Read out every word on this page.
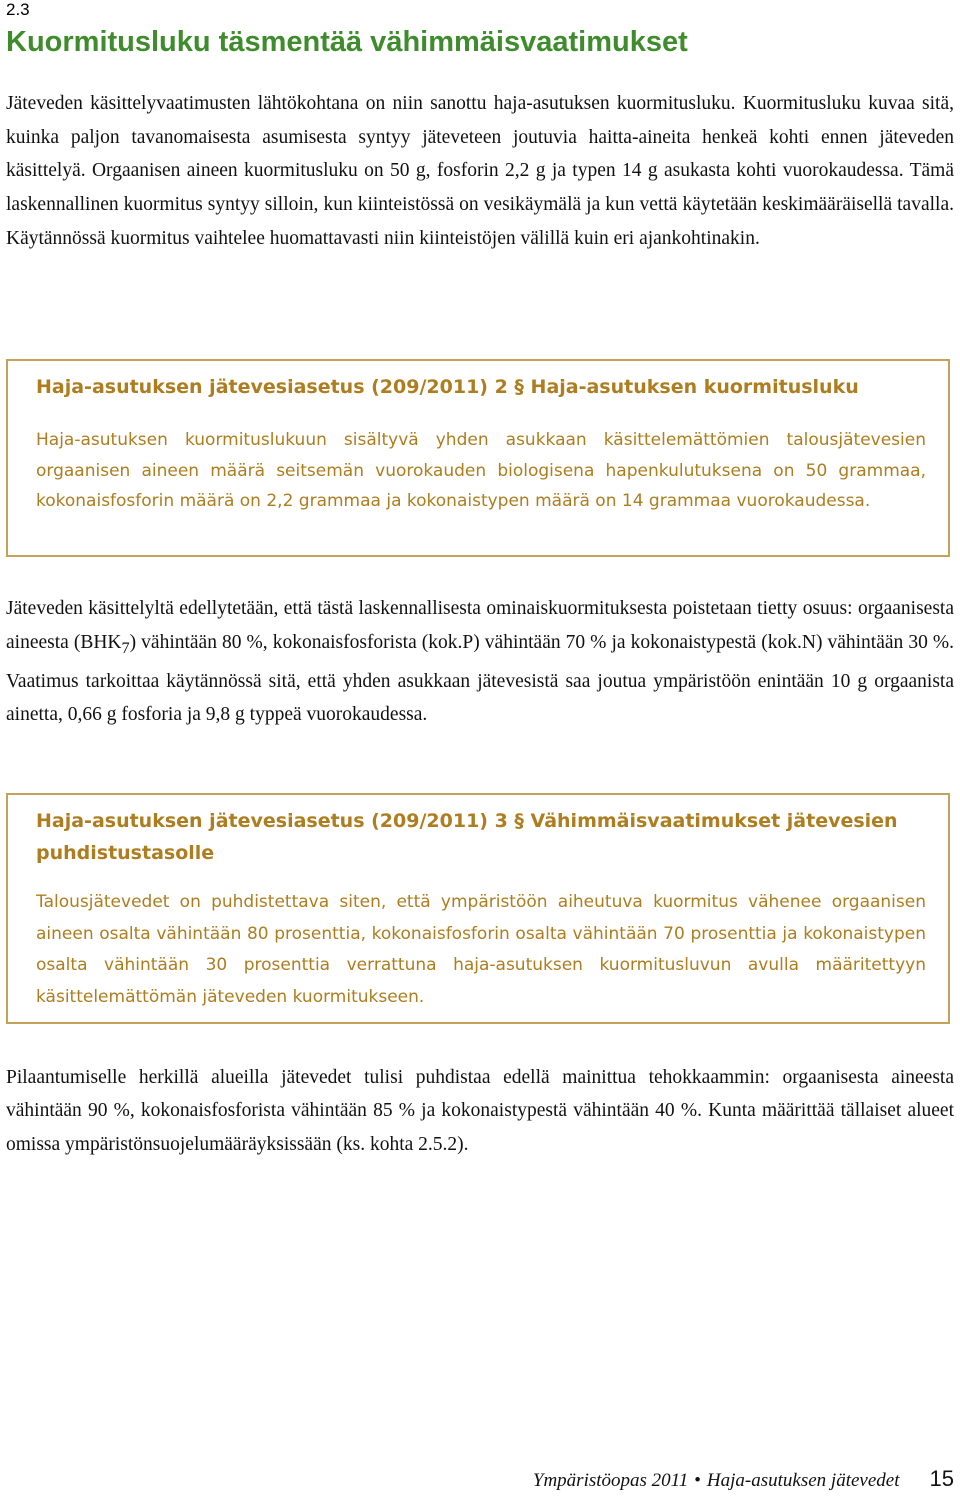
2.3
Kuormitusluku täsmentää vähimmäisvaatimukset

Jäteveden käsittelyvaatimusten lähtökohtana on niin sanottu haja-asutuksen kuormitusluku. Kuormitusluku kuvaa sitä, kuinka paljon tavanomaisesta asumisesta syntyy jäteveteen joutuvia haitta-aineita henkeä kohti ennen jäteveden käsittelyä. Orgaanisen aineen kuormitusluku on 50 g, fosforin 2,2 g ja typen 14 g asukasta kohti vuorokaudessa. Tämä laskennallinen kuormitus syntyy silloin, kun kiinteistössä on vesikäymälä ja kun vettä käytetään keskimääräisellä tavalla. Käytännössä kuormitus vaihtelee huomattavasti niin kiinteistöjen välillä kuin eri ajankohtinakin.

Haja-asutuksen jätevesiasetus (209/2011) 2 § Haja-asutuksen kuormitusluku

Haja-asutuksen kuormituslukuun sisältyvä yhden asukkaan käsittelemättömien talousjätevesien orgaanisen aineen määrä seitsemän vuorokauden biologisena hapenkulutuksena on 50 grammaa, kokonaisfosforin määrä on 2,2 grammaa ja kokonaistypen määrä on 14 grammaa vuorokaudessa.

Jäteveden käsittelyltä edellytetään, että tästä laskennallisesta ominaiskuormituksesta poistetaan tietty osuus: orgaanisesta aineesta $(BHK_7)$ vähintään 80 %, kokonaisfosforista (kok.P) vähintään 70 % ja kokonaistypestä (kok.N) vähintään 30 %. Vaatimus tarkoittaa käytännössä sitä, että yhden asukkaan jätevesistä saa joutua ympäristöön enintään 10 g orgaanista ainetta, 0,66 g fosforia ja 9,8 g typpeä vuorokaudessa.

Haja-asutuksen jätevesiasetus (209/2011) 3 § Vähimmäisvaatimukset jätevesien puhdistustasolle

Talousjätevedet on puhdistettava siten, että ympäristöön aiheutuva kuormitus vähenee orgaanisen aineen osalta vähintään 80 prosenttia, kokonaisfosforin osalta vähintään 70 prosenttia ja kokonaistypen osalta vähintään 30 prosenttia verrattuna haja-asutuksen kuormitusluvun avulla määritettyyn käsittelemättömän jäteveden kuormitukseen.

Pilaantumiselle herkillä alueilla jätevedet tulisi puhdistaa edellä mainittua tehokkaammin: orgaanisesta aineesta vähintään 90 %, kokonaisfosforista vähintään 85 % ja kokonaistypestä vähintään 40 %. Kunta määrittää tällaiset alueet omissa ympäristönsuojelumääräyksissään (ks. kohta 2.5.2).

Ympäristöopas 2011 • Haja-asutuksen jätevedet 15
